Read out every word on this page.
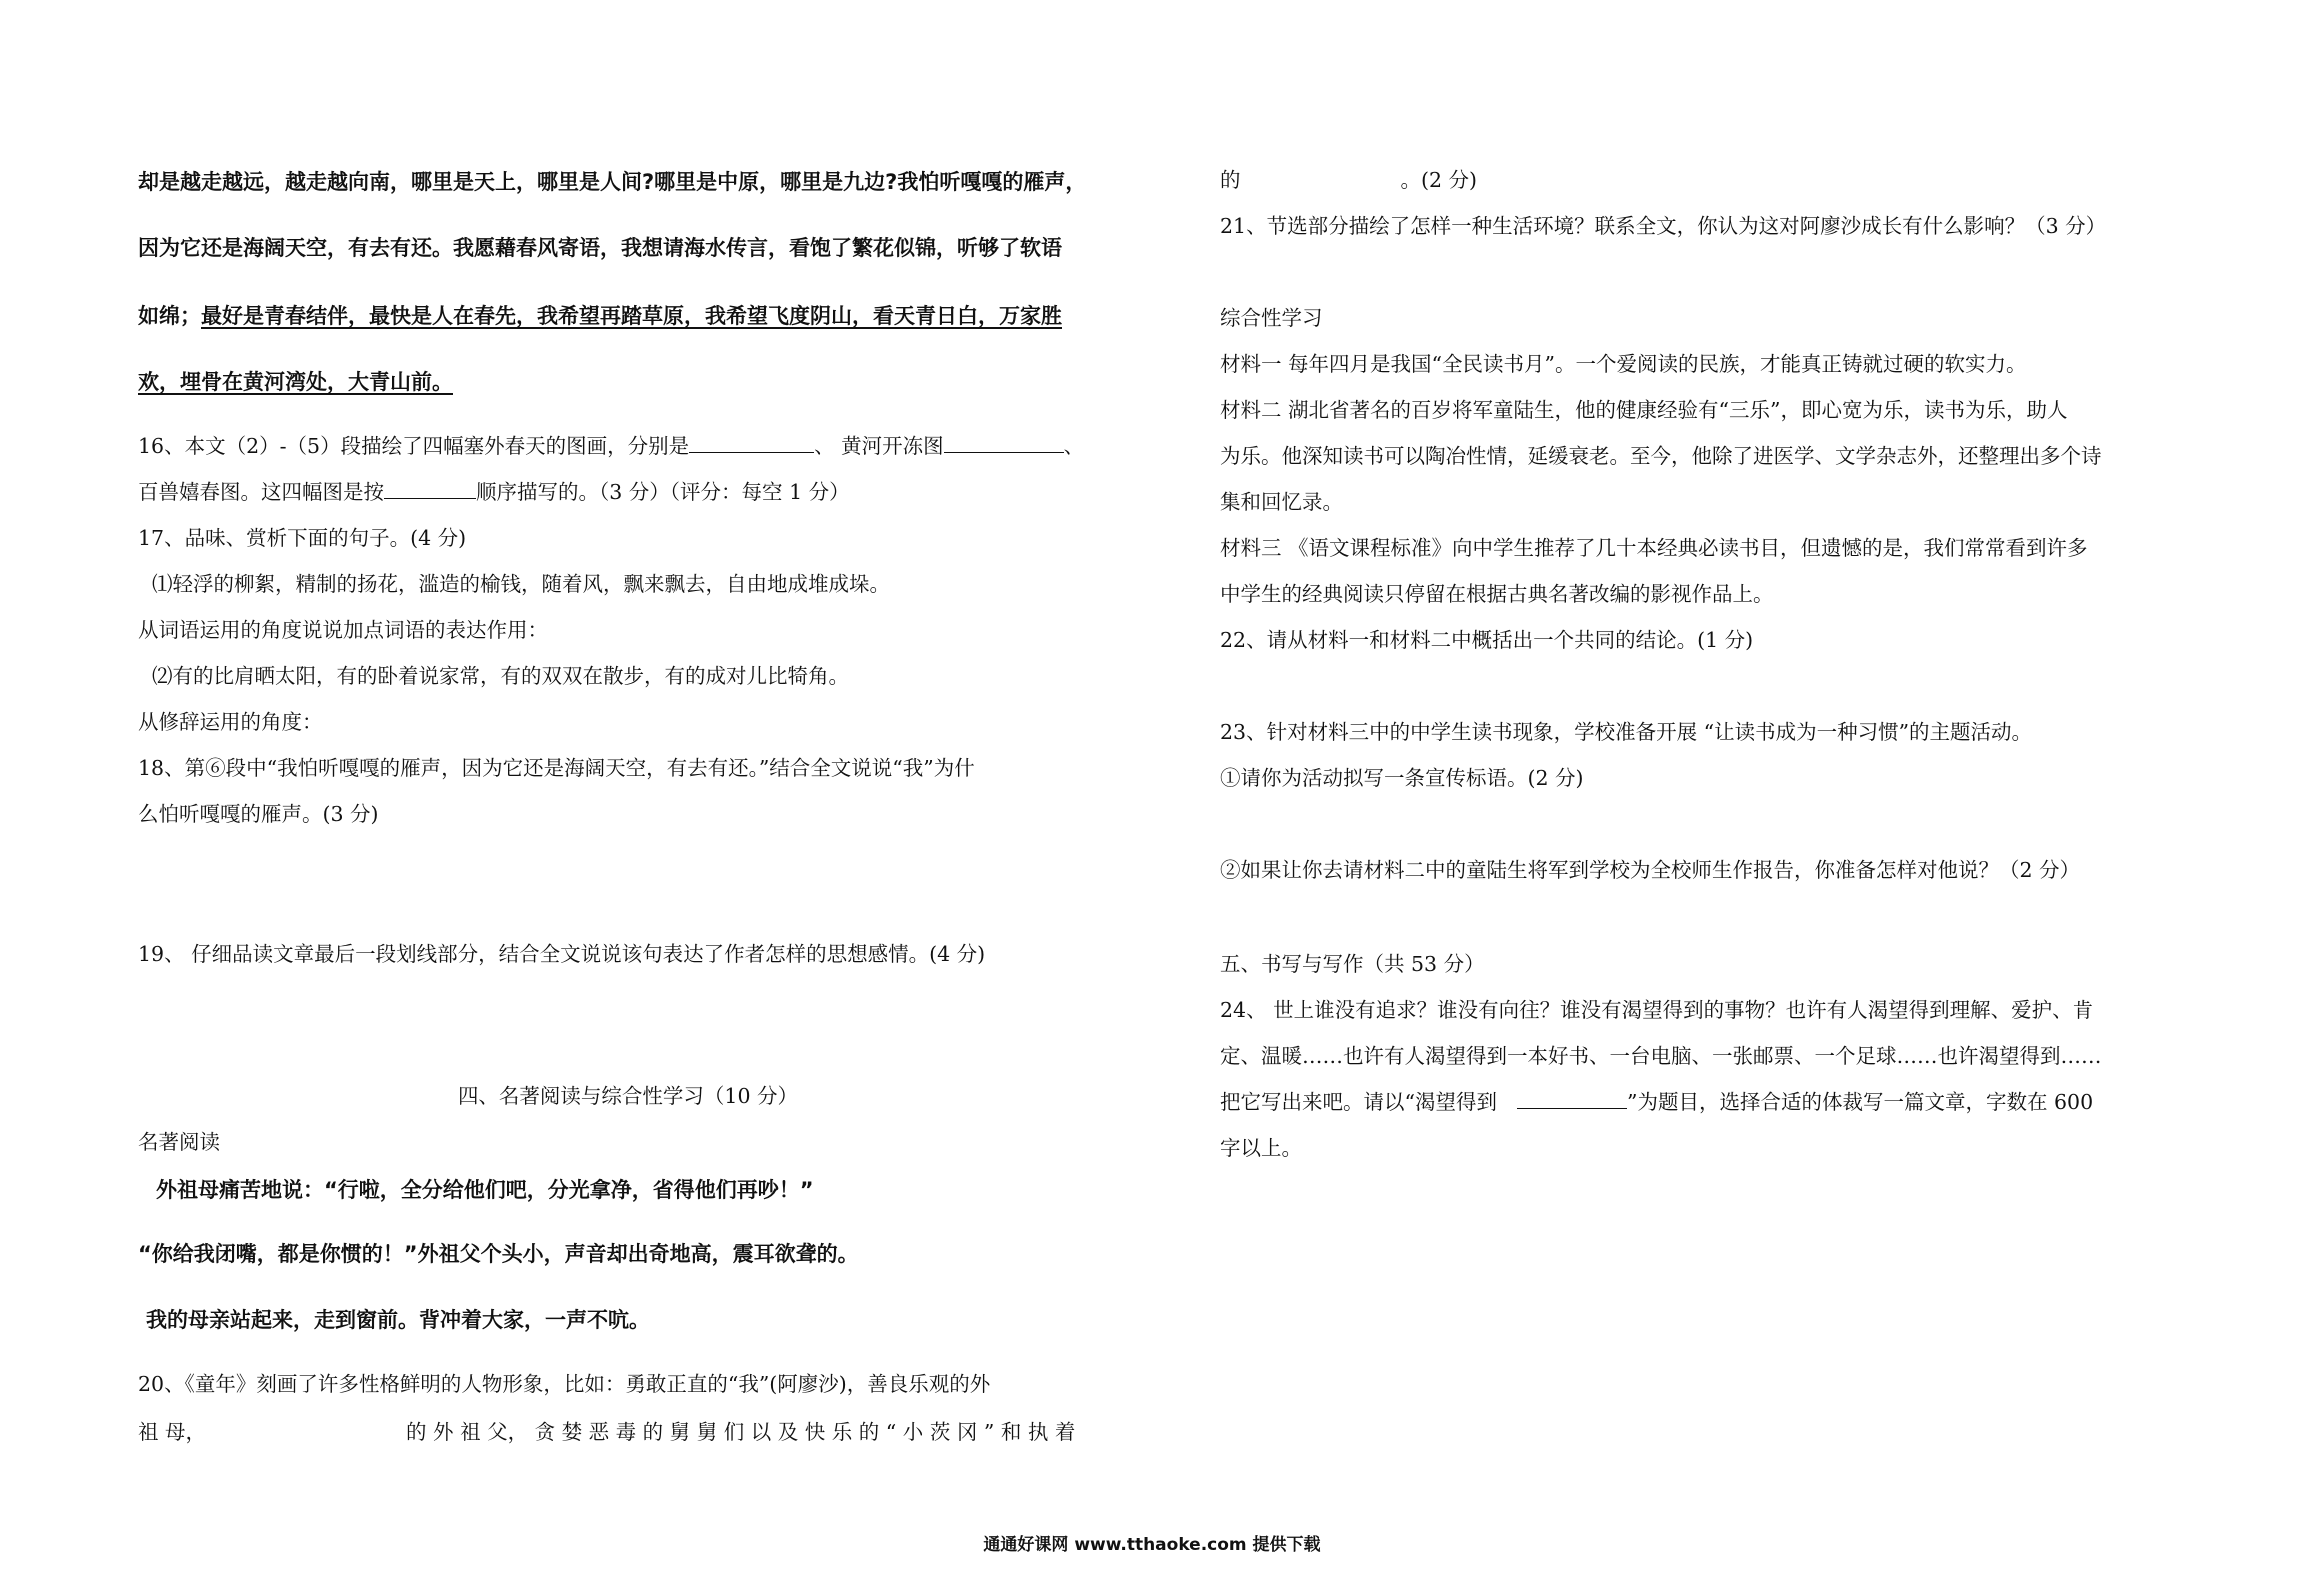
却是越走越远，越走越向南，哪里是天上，哪里是人间?哪里是中原，哪里是九边?我怕听嘎嘎的雁声，
因为它还是海阔天空，有去有还。我愿藉春风寄语，我想请海水传言，看饱了繁花似锦，听够了软语
如绵；最好是青春结伴，最快是人在春先，我希望再踏草原，我希望飞度阴山，看天青日白，万家胜
欢，埋骨在黄河湾处，大青山前。
16、本文（2）-（5）段描绘了四幅塞外春天的图画，分别是	、 黄河开冻图	、
百兽嬉春图。这四幅图是按	顺序描写的。（3 分）（评分：每空 1 分）
17、品味、赏析下面的句子。(4 分)
⑴轻浮的柳絮，精制的扬花，滥造的榆钱，随着风，飘来飘去，自由地成堆成垛。
从词语运用的角度说说加点词语的表达作用：
⑵有的比肩晒太阳，有的卧着说家常，有的双双在散步，有的成对儿比犄角。
从修辞运用的角度：
18、第⑥段中“我怕听嘎嘎的雁声，因为它还是海阔天空，有去有还。”结合全文说说“我”为什
么怕听嘎嘎的雁声。(3 分)
19、 仔细品读文章最后一段划线部分，结合全文说说该句表达了作者怎样的思想感情。(4 分)
四、名著阅读与综合性学习（10 分）
名著阅读
外祖母痛苦地说：“行啦，全分给他们吧，分光拿净，省得他们再吵！”
“你给我闭嘴，都是你惯的！”外祖父个头小，声音却出奇地高，震耳欲聋的。
我的母亲站起来，走到窗前。背冲着大家，一声不吭。
20、《童年》刻画了许多性格鲜明的人物形象，比如：勇敢正直的“我”(阿廖沙)，善良乐观的外
祖 母，	的 外 祖 父， 贪 婪 恶 毒 的 舅 舅 们 以 及 快 乐 的 “ 小 茨 冈 ” 和 执 着
的	。(2 分)
21、节选部分描绘了怎样一种生活环境？联系全文，你认为这对阿廖沙成长有什么影响？（3 分）
综合性学习
材料一 每年四月是我国“全民读书月”。一个爱阅读的民族，才能真正铸就过硬的软实力。
材料二 湖北省著名的百岁将军童陆生，他的健康经验有“三乐”，即心宽为乐，读书为乐，助人
为乐。他深知读书可以陶冶性情，延缓衰老。至今，他除了进医学、文学杂志外，还整理出多个诗
集和回忆录。
材料三 《语文课程标准》向中学生推荐了几十本经典必读书目，但遗憾的是，我们常常看到许多
中学生的经典阅读只停留在根据古典名著改编的影视作品上。
22、请从材料一和材料二中概括出一个共同的结论。(1 分)
23、针对材料三中的中学生读书现象，学校准备开展 “让读书成为一种习惯”的主题活动。
①请你为活动拟写一条宣传标语。(2 分)
②如果让你去请材料二中的童陆生将军到学校为全校师生作报告，你准备怎样对他说？（2 分）
五、书写与写作（共 53 分）
24、 世上谁没有追求？谁没有向往？谁没有渴望得到的事物？也许有人渴望得到理解、爱护、肯
定、温暖……也许有人渴望得到一本好书、一台电脑、一张邮票、一个足球……也许渴望得到……
把它写出来吧。请以“渴望得到	”为题目，选择合适的体裁写一篇文章，字数在 600
字以上。
通通好课网 www.tthaoke.com 提供下载
